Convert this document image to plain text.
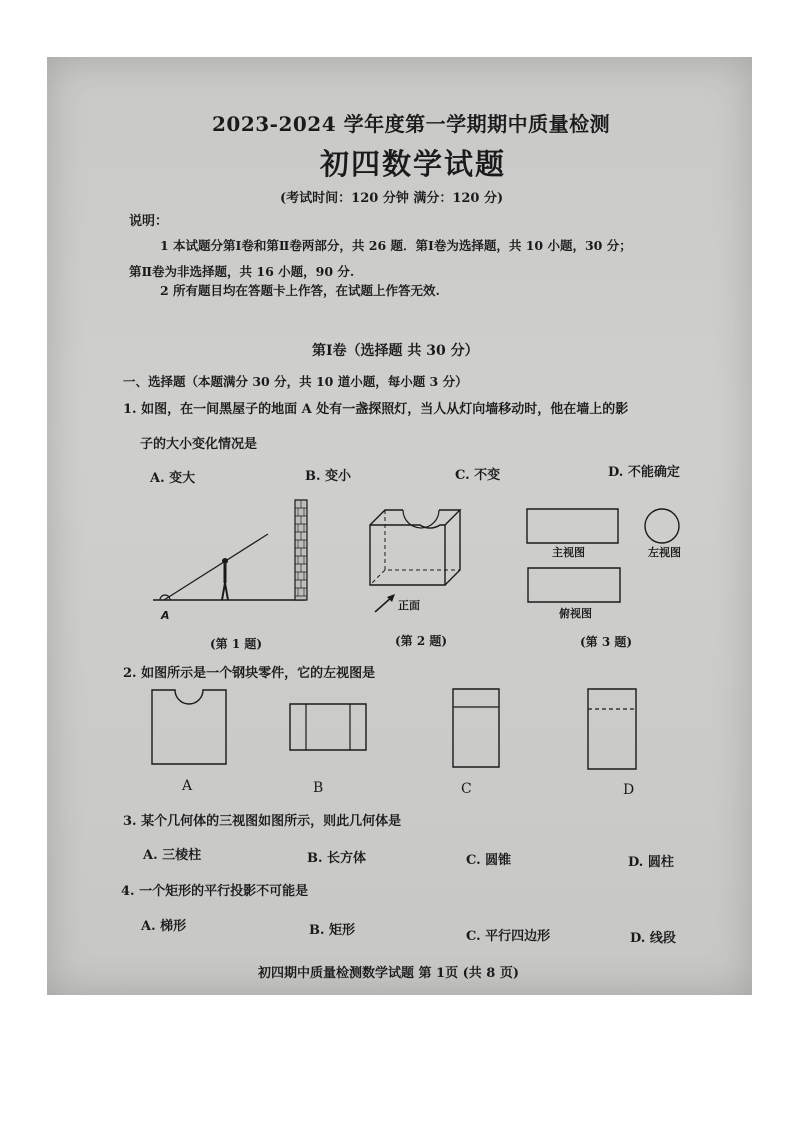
2023-2024 学年度第一学期期中质量检测
初四数学试题
(考试时间：120 分钟 满分：120 分)
说明：
1 本试题分第Ⅰ卷和第Ⅱ卷两部分，共 26 题．第Ⅰ卷为选择题，共 10 小题，30 分；
第Ⅱ卷为非选择题，共 16 小题，90 分.
2 所有题目均在答题卡上作答，在试题上作答无效.
第Ⅰ卷（选择题 共 30 分）
一、选择题（本题满分 30 分，共 10 道小题，每小题 3 分）
1. 如图，在一间黑屋子的地面 A 处有一盏探照灯，当人从灯向墙移动时，他在墙上的影
子的大小变化情况是
A. 变大	B. 变小	C. 不变	D. 不能确定
A
(第 1 题)
正面
(第 2 题)
主视图	左视图
俯视图
(第 3 题)
2. 如图所示是一个钢块零件，它的左视图是
A	B	C	D
3. 某个几何体的三视图如图所示，则此几何体是
A. 三棱柱	B. 长方体	C. 圆锥	D. 圆柱
4. 一个矩形的平行投影不可能是
A. 梯形	B. 矩形	C. 平行四边形	D. 线段
初四期中质量检测数学试题 第 1页 (共 8 页)
